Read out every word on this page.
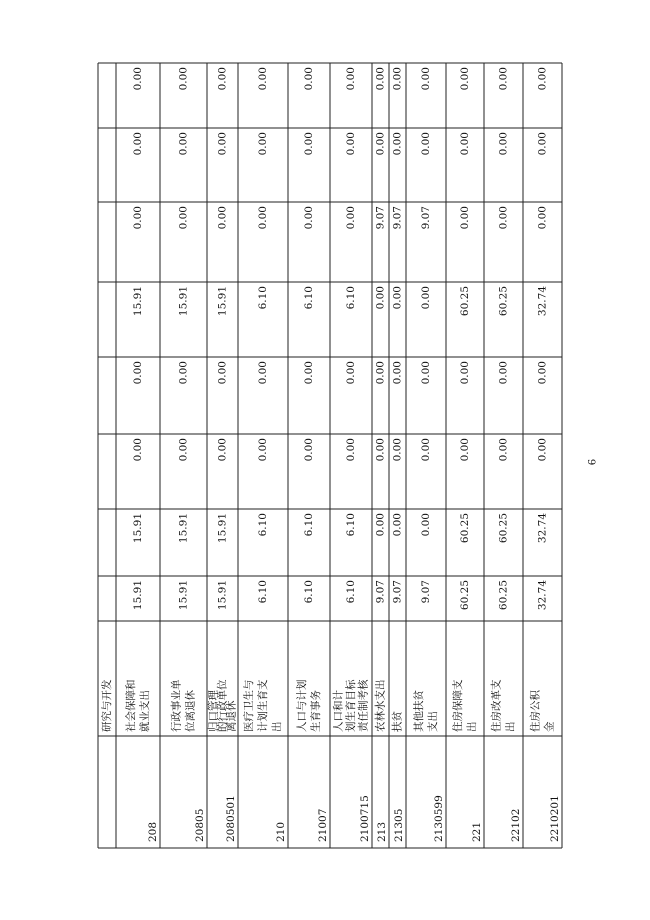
研究与开发
208
社会保障和 就业支出
15.91
15.91
0.00
0.00
15.91
0.00
0.00
0.00
20805
行政事业单 位离退休
15.91
15.91
0.00
0.00
15.91
0.00
0.00
0.00
2080501
归口管理
的行政单位
离退休
15.91
15.91
0.00
0.00
15.91
0.00
0.00
0.00
210
医疗卫生与 计划生育支 出
6.10
6.10
0.00
0.00
6.10
0.00
0.00
0.00
21007
人口与计划 生育事务
6.10
6.10
0.00
0.00
6.10
0.00
0.00
0.00
2100715
人口和计 划生育目标 责任制考核
6.10
6.10
0.00
0.00
6.10
0.00
0.00
0.00
213
农林水支出
9.07
0.00
0.00
0.00
0.00
9.07
0.00
0.00
21305
扶贫
9.07
0.00
0.00
0.00
0.00
9.07
0.00
0.00
2130599
其他扶贫 支出
9.07
0.00
0.00
0.00
0.00
9.07
0.00
0.00
221
住房保障支 出
60.25
60.25
0.00
0.00
60.25
0.00
0.00
0.00
22102
住房改革支 出
60.25
60.25
0.00
0.00
60.25
0.00
0.00
0.00
2210201
住房公积 金
32.74
32.74
0.00
0.00
32.74
0.00
0.00
0.00
9
